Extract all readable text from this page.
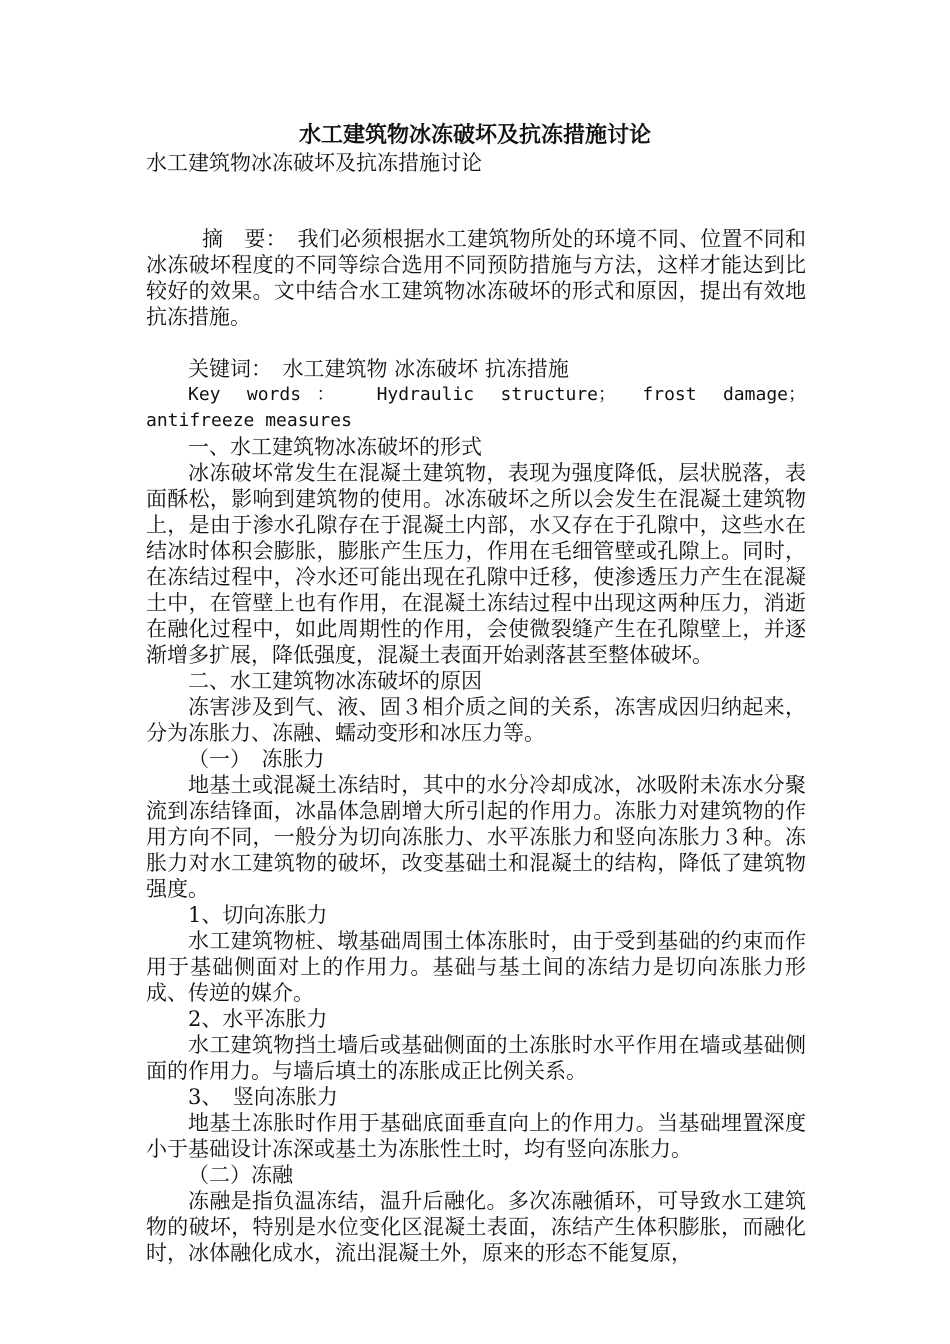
水工建筑物冰冻破坏及抗冻措施讨论
水工建筑物冰冻破坏及抗冻措施讨论

摘　要：　我们必须根据水工建筑物所处的环境不同、位置不同和冰冻破坏程度的不同等综合选用不同预防措施与方法，这样才能达到比较好的效果。文中结合水工建筑物冰冻破坏的形式和原因，提出有效地抗冻措施。

关键词：　水工建筑物 冰冻破坏 抗冻措施

Key words： Hydraulic structure； frost damage； antifreeze measures

一、水工建筑物冰冻破坏的形式

冰冻破坏常发生在混凝土建筑物，表现为强度降低，层状脱落，表面酥松，影响到建筑物的使用。冰冻破坏之所以会发生在混凝土建筑物上，是由于渗水孔隙存在于混凝土内部，水又存在于孔隙中，这些水在结冰时体积会膨胀，膨胀产生压力，作用在毛细管壁或孔隙上。同时，在冻结过程中，冷水还可能出现在孔隙中迁移，使渗透压力产生在混凝土中，在管壁上也有作用，在混凝土冻结过程中出现这两种压力，消逝在融化过程中，如此周期性的作用，会使微裂缝产生在孔隙壁上，并逐渐增多扩展，降低强度，混凝土表面开始剥落甚至整体破坏。

二、水工建筑物冰冻破坏的原因

冻害涉及到气、液、固３相介质之间的关系，冻害成因归纳起来，分为冻胀力、冻融、蠕动变形和冰压力等。

（一）　冻胀力

地基土或混凝土冻结时，其中的水分冷却成冰，冰吸附未冻水分聚流到冻结锋面，冰晶体急剧增大所引起的作用力。冻胀力对建筑物的作用方向不同，一般分为切向冻胀力、水平冻胀力和竖向冻胀力３种。冻胀力对水工建筑物的破坏，改变基础土和混凝土的结构，降低了建筑物强度。

1、切向冻胀力

水工建筑物桩、墩基础周围土体冻胀时，由于受到基础的约束而作用于基础侧面对上的作用力。基础与基土间的冻结力是切向冻胀力形成、传逆的媒介。

2、水平冻胀力

水工建筑物挡土墙后或基础侧面的土冻胀时水平作用在墙或基础侧面的作用力。与墙后填土的冻胀成正比例关系。

3、　竖向冻胀力

地基土冻胀时作用于基础底面垂直向上的作用力。当基础埋置深度小于基础设计冻深或基土为冻胀性土时，均有竖向冻胀力。

（二）冻融

冻融是指负温冻结，温升后融化。多次冻融循环，可导致水工建筑物的破坏，特别是水位变化区混凝土表面，冻结产生体积膨胀，而融化时，冰体融化成水，流出混凝土外，原来的形态不能复原，
